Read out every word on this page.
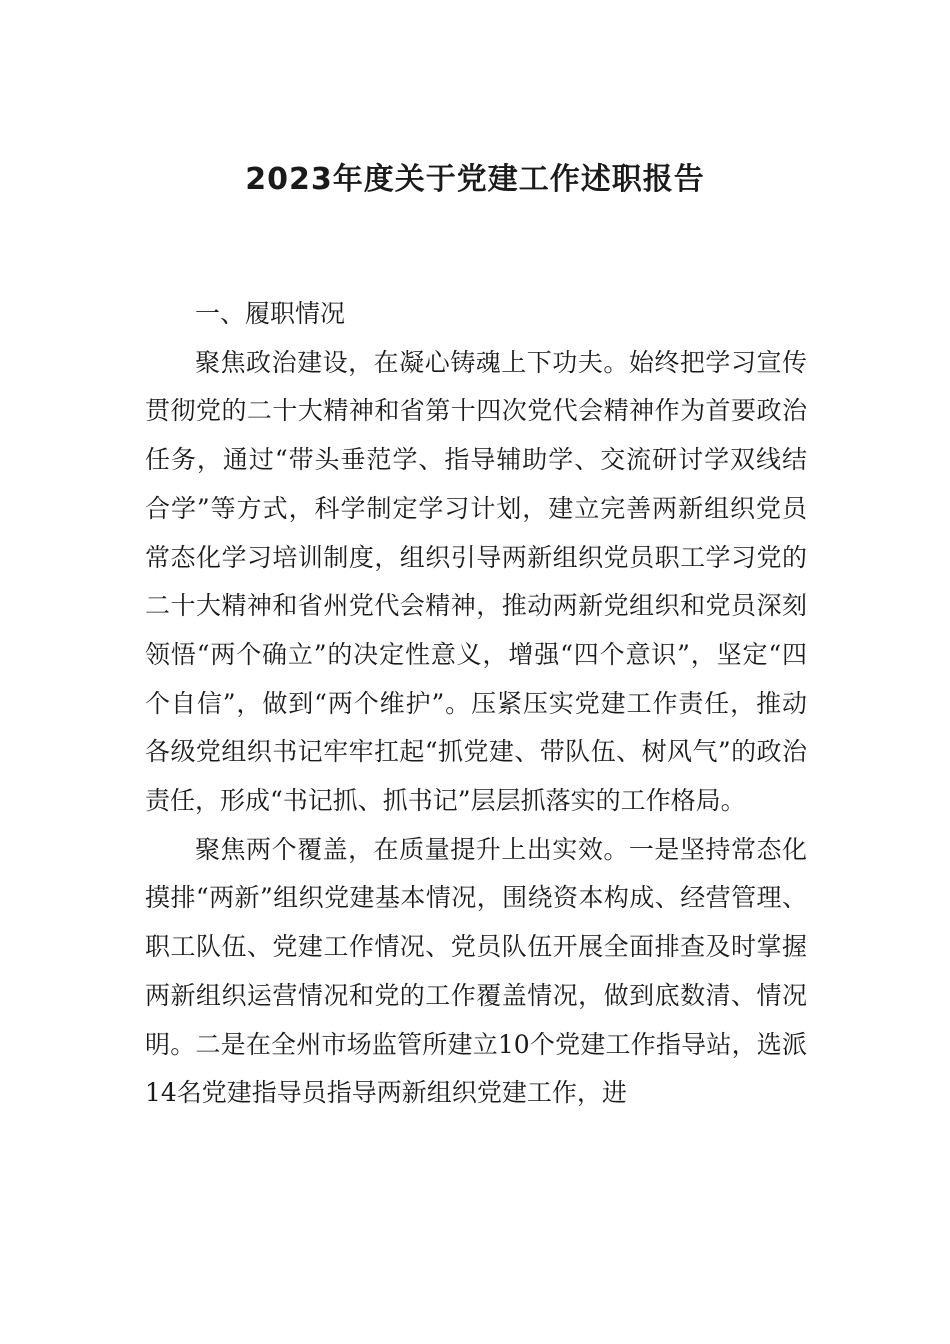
2023年度关于党建工作述职报告

一、履职情况

聚焦政治建设，在凝心铸魂上下功夫。始终把学习宣传贯彻党的二十大精神和省第十四次党代会精神作为首要政治任务，通过“带头垂范学、指导辅助学、交流研讨学双线结合学”等方式，科学制定学习计划，建立完善两新组织党员常态化学习培训制度，组织引导两新组织党员职工学习党的二十大精神和省州党代会精神，推动两新党组织和党员深刻领悟“两个确立”的决定性意义，增强“四个意识”，坚定“四个自信”，做到“两个维护”。压紧压实党建工作责任，推动各级党组织书记牢牢扛起“抓党建、带队伍、树风气”的政治责任，形成“书记抓、抓书记”层层抓落实的工作格局。

聚焦两个覆盖，在质量提升上出实效。一是坚持常态化摸排“两新”组织党建基本情况，围绕资本构成、经营管理、职工队伍、党建工作情况、党员队伍开展全面排查及时掌握两新组织运营情况和党的工作覆盖情况，做到底数清、情况明。二是在全州市场监管所建立10个党建工作指导站，选派14名党建指导员指导两新组织党建工作，进
